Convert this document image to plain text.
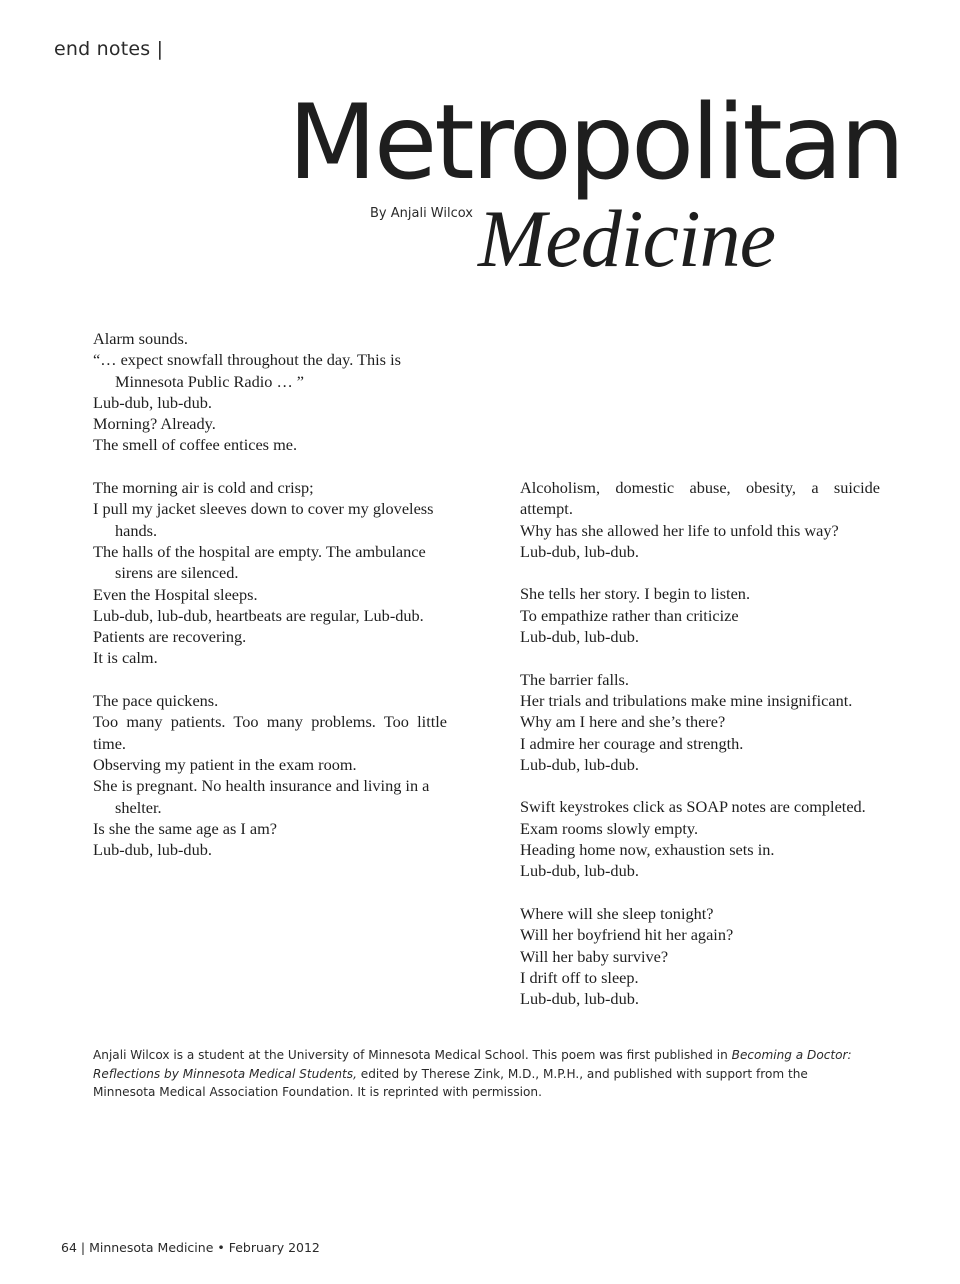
end notes |
Metropolitan
By Anjali Wilcox Medicine
Alarm sounds.
“… expect snowfall throughout the day. This is
Minnesota Public Radio … ”
Lub-dub, lub-dub.
Morning? Already.
The smell of coffee entices me.
The morning air is cold and crisp;
I pull my jacket sleeves down to cover my gloveless
hands.
The halls of the hospital are empty. The ambulance
sirens are silenced.
Even the Hospital sleeps.
Lub-dub, lub-dub, heartbeats are regular, Lub-dub.
Patients are recovering.
It is calm.
The pace quickens.
Too many patients. Too many problems. Too little time.
Observing my patient in the exam room.
She is pregnant. No health insurance and living in a
shelter.
Is she the same age as I am?
Lub-dub, lub-dub.
Alcoholism, domestic abuse, obesity, a suicide attempt.
Why has she allowed her life to unfold this way?
Lub-dub, lub-dub.
She tells her story. I begin to listen.
To empathize rather than criticize
Lub-dub, lub-dub.
The barrier falls.
Her trials and tribulations make mine insignificant.
Why am I here and she’s there?
I admire her courage and strength.
Lub-dub, lub-dub.
Swift keystrokes click as SOAP notes are completed.
Exam rooms slowly empty.
Heading home now, exhaustion sets in.
Lub-dub, lub-dub.
Where will she sleep tonight?
Will her boyfriend hit her again?
Will her baby survive?
I drift off to sleep.
Lub-dub, lub-dub.
Anjali Wilcox is a student at the University of Minnesota Medical School. This poem was first published in Becoming a Doctor: Reflections by Minnesota Medical Students, edited by Therese Zink, M.D., M.P.H., and published with support from the Minnesota Medical Association Foundation. It is reprinted with permission.
64 | Minnesota Medicine • February 2012
